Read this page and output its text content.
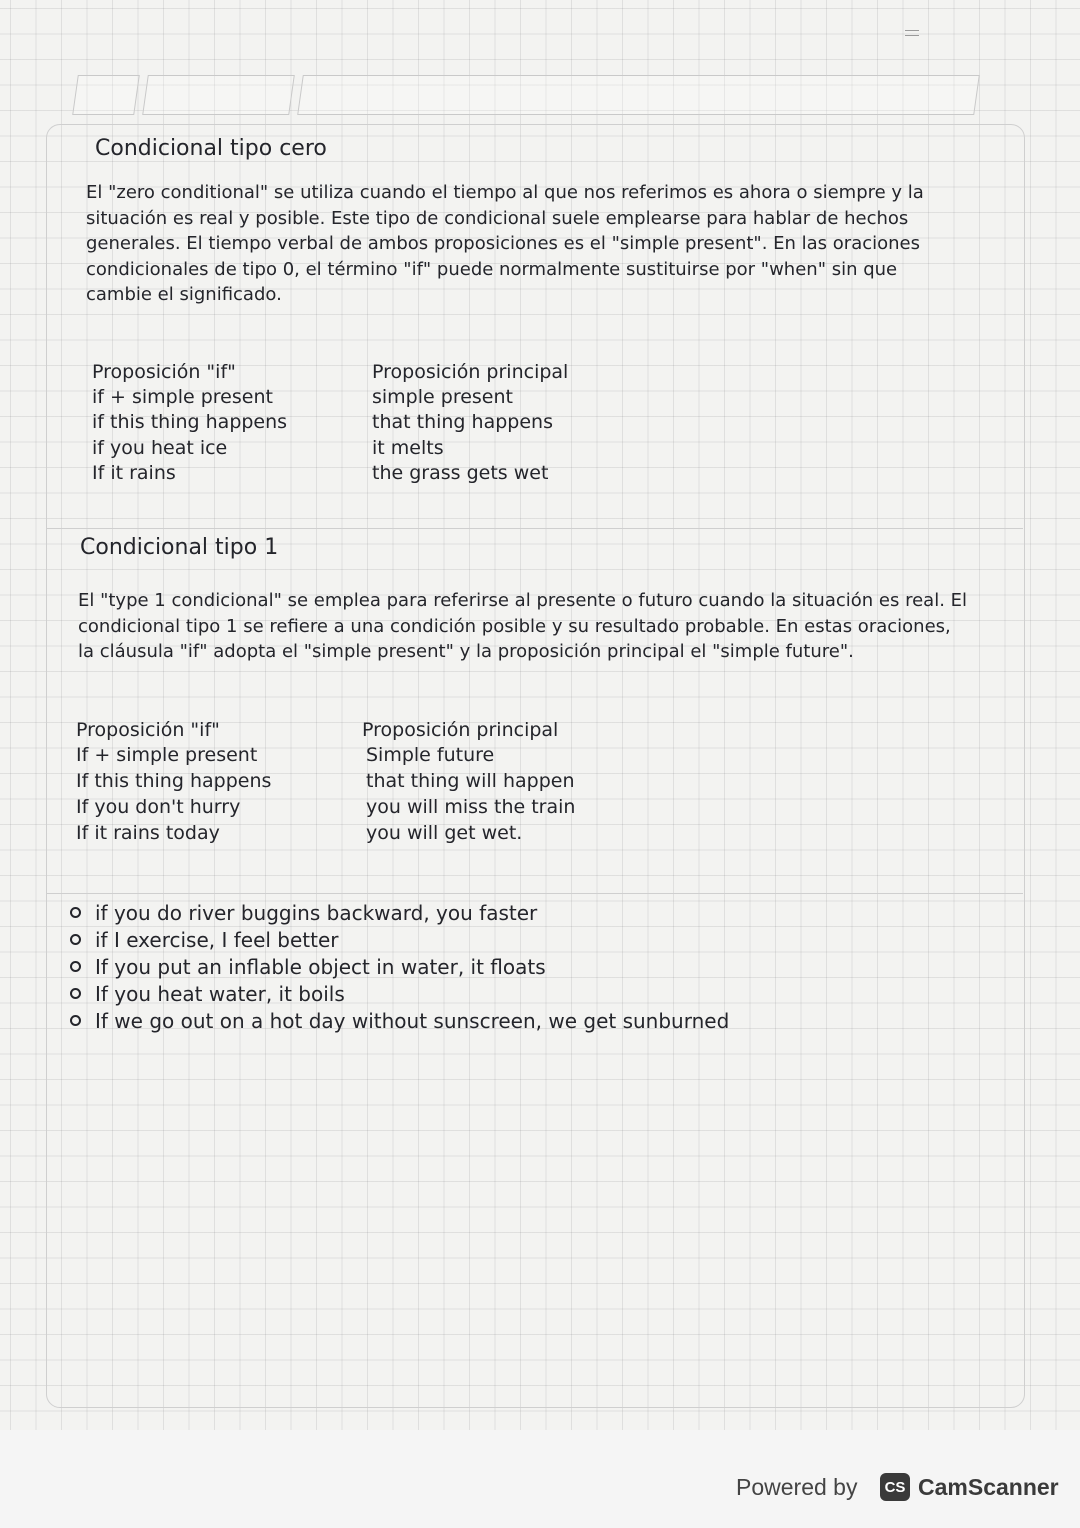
Condicional tipo cero
El "zero conditional" se utiliza cuando el tiempo al que nos referimos es ahora o siempre y la situación es real y posible. Este tipo de condicional suele emplearse para hablar de hechos generales. El tiempo verbal de ambos proposiciones es el "simple present". En las oraciones condicionales de tipo 0, el término "if" puede normalmente sustituirse por "when" sin que cambie el significado.
Proposición "if"
if + simple present
if this thing happens
if you heat ice
If it rains
Proposición principal
simple present
that thing happens
it melts
the grass gets wet
Condicional tipo 1
El "type 1 condicional" se emplea para referirse al presente o futuro cuando la situación es real. El condicional tipo 1 se refiere a una condición posible y su resultado probable. En estas oraciones, la cláusula "if" adopta el "simple present" y la proposición principal el "simple future".
Proposición "if"
If + simple present
If this thing happens
If you don't hurry
If it rains today
Proposición principal
Simple future
that thing will happen
you will miss the train
you will get wet.
if you do river buggins backward, you faster
if I exercise, I feel better
If you put an inflable object in water, it floats
If you heat water, it boils
If we go out on a hot day without sunscreen, we get sunburned
Powered by	CS CamScanner
